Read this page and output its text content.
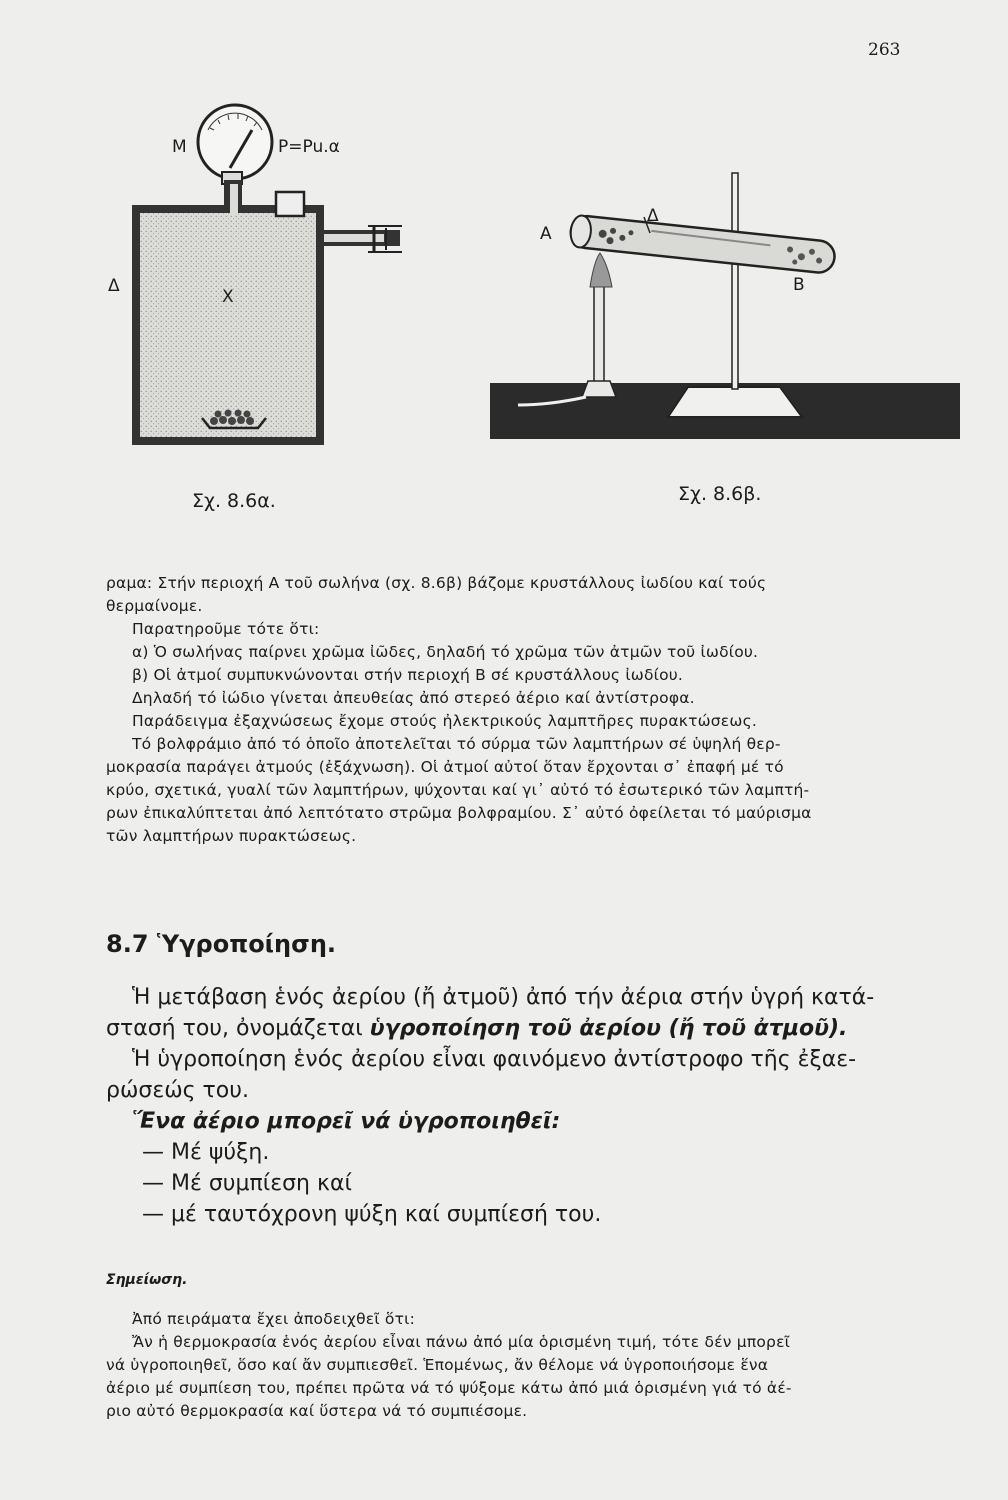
263
M	P=Pu.α
Δ
X
Σχ. 8.6α.
A
Δ
B
Σχ. 8.6β.

ραμα: Στήν περιοχή Α τοῦ σωλήνα (σχ. 8.6β) βάζομε κρυστάλλους ἰωδίου καί τούς

θερμαίνομε.

Παρατηροῦμε τότε ὅτι:

α) Ὁ σωλήνας παίρνει χρῶμα ἰῶδες, δηλαδή τό χρῶμα τῶν ἀτμῶν τοῦ ἰωδίου.

β) Οἱ ἀτμοί συμπυκνώνονται στήν περιοχή Β σέ κρυστάλλους ἰωδίου.

Δηλαδή τό ἰώδιο γίνεται ἀπευθείας ἀπό στερεό ἀέριο καί ἀντίστροφα.

Παράδειγμα ἐξαχνώσεως ἔχομε στούς ἠλεκτρικούς λαμπτῆρες πυρακτώσεως.

Τό βολφράμιο ἀπό τό ὁποῖο ἀποτελεῖται τό σύρμα τῶν λαμπτήρων σέ ὑψηλή θερ-

μοκρασία παράγει ἀτμούς (ἐξάχνωση). Οἱ ἀτμοί αὐτοί ὅταν ἔρχονται σ᾽ ἐπαφή μέ τό

κρύο, σχετικά, γυαλί τῶν λαμπτήρων, ψύχονται καί γι᾽ αὐτό τό ἐσωτερικό τῶν λαμπτή-

ρων ἐπικαλύπτεται ἀπό λεπτότατο στρῶμα βολφραμίου. Σ᾽ αὐτό ὀφείλεται τό μαύρισμα

τῶν λαμπτήρων πυρακτώσεως.

8.7 Ὑγροποίηση.

Ἡ μετάβαση ἑνός ἀερίου (ἤ ἀτμοῦ) ἀπό τήν ἀέρια στήν ὑγρή κατά-

στασή του, ὀνομάζεται ὑγροποίηση τοῦ ἀερίου (ἤ τοῦ ἀτμοῦ).

Ἡ ὑγροποίηση ἑνός ἀερίου εἶναι φαινόμενο ἀντίστροφο τῆς ἐξαε-

ρώσεώς του.

Ἕνα ἀέριο μπορεῖ νά ὑγροποιηθεῖ:

— Μέ ψύξη.

— Μέ συμπίεση καί

— μέ ταυτόχρονη ψύξη καί συμπίεσή του.

Σημείωση.

Ἀπό πειράματα ἔχει ἀποδειχθεῖ ὅτι:

Ἄν ἡ θερμοκρασία ἑνός ἀερίου εἶναι πάνω ἀπό μία ὁρισμένη τιμή, τότε δέν μπορεῖ

νά ὑγροποιηθεῖ, ὅσο καί ἄν συμπιεσθεῖ. Ἑπομένως, ἄν θέλομε νά ὑγροποιήσομε ἕνα

ἀέριο μέ συμπίεση του, πρέπει πρῶτα νά τό ψύξομε κάτω ἀπό μιά ὁρισμένη γιά τό ἀέ-

ριο αὐτό θερμοκρασία καί ὕστερα νά τό συμπιέσομε.
